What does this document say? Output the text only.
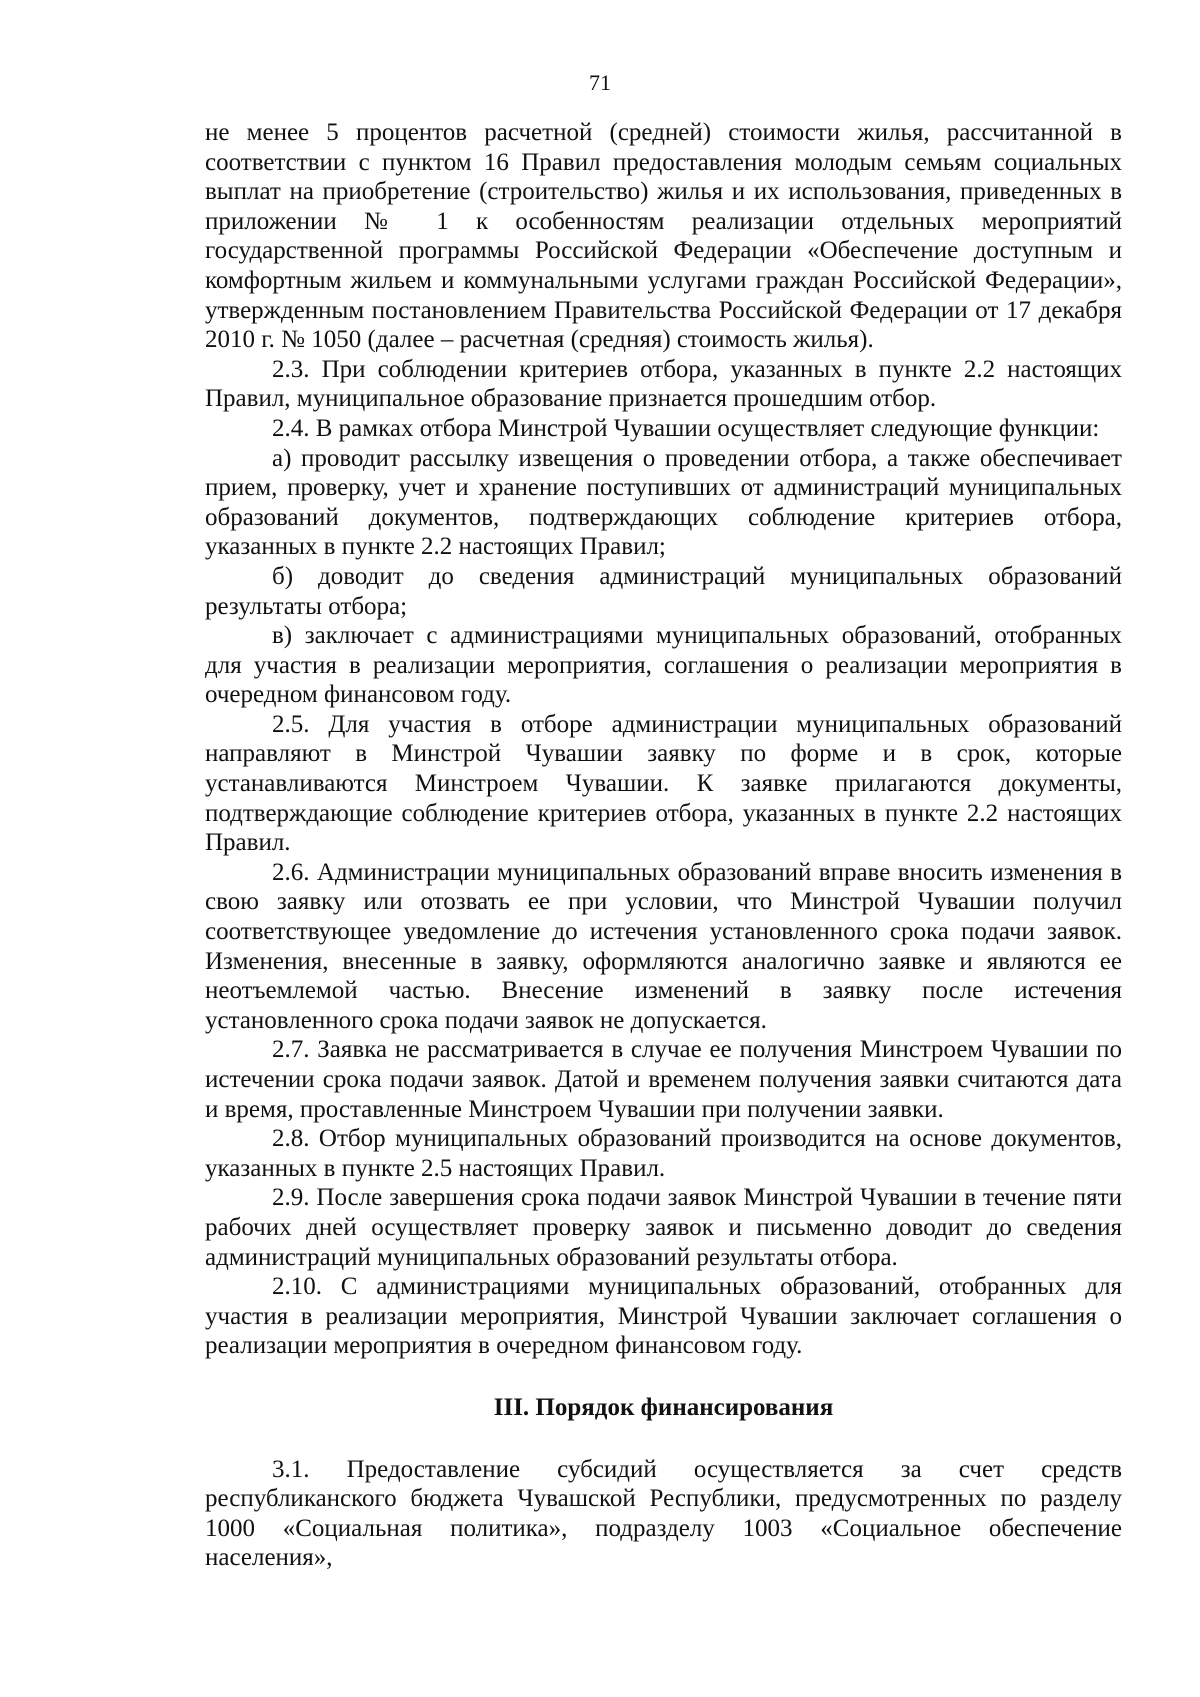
71

не менее 5 процентов расчетной (средней) стоимости жилья, рассчитанной в соответствии с пунктом 16 Правил предоставления молодым семьям социальных выплат на приобретение (строительство) жилья и их использования, приведенных в приложении № 1 к особенностям реализации отдельных мероприятий государственной программы Российской Федерации «Обеспечение доступным и комфортным жильем и коммунальными услугами граждан Российской Федерации», утвержденным постановлением Правительства Российской Федерации от 17 декабря 2010 г. № 1050 (далее – расчетная (средняя) стоимость жилья).

2.3. При соблюдении критериев отбора, указанных в пункте 2.2 настоящих Правил, муниципальное образование признается прошедшим отбор.

2.4. В рамках отбора Минстрой Чувашии осуществляет следующие функции:

а) проводит рассылку извещения о проведении отбора, а также обеспечивает прием, проверку, учет и хранение поступивших от администраций муниципальных образований документов, подтверждающих соблюдение критериев отбора, указанных в пункте 2.2 настоящих Правил;

б) доводит до сведения администраций муниципальных образований результаты отбора;

в) заключает с администрациями муниципальных образований, отобранных для участия в реализации мероприятия, соглашения о реализации мероприятия в очередном финансовом году.

2.5. Для участия в отборе администрации муниципальных образований направляют в Минстрой Чувашии заявку по форме и в срок, которые устанавливаются Минстроем Чувашии. К заявке прилагаются документы, подтверждающие соблюдение критериев отбора, указанных в пункте 2.2 настоящих Правил.

2.6. Администрации муниципальных образований вправе вносить изменения в свою заявку или отозвать ее при условии, что Минстрой Чувашии получил соответствующее уведомление до истечения установленного срока подачи заявок. Изменения, внесенные в заявку, оформляются аналогично заявке и являются ее неотъемлемой частью. Внесение изменений в заявку после истечения установленного срока подачи заявок не допускается.

2.7. Заявка не рассматривается в случае ее получения Минстроем Чувашии по истечении срока подачи заявок. Датой и временем получения заявки считаются дата и время, проставленные Минстроем Чувашии при получении заявки.

2.8. Отбор муниципальных образований производится на основе документов, указанных в пункте 2.5 настоящих Правил.

2.9. После завершения срока подачи заявок Минстрой Чувашии в течение пяти рабочих дней осуществляет проверку заявок и письменно доводит до сведения администраций муниципальных образований результаты отбора.

2.10. С администрациями муниципальных образований, отобранных для участия в реализации мероприятия, Минстрой Чувашии заключает соглашения о реализации мероприятия в очередном финансовом году.

III. Порядок финансирования

3.1. Предоставление субсидий осуществляется за счет средств республиканского бюджета Чувашской Республики, предусмотренных по разделу 1000 «Социальная политика», подразделу 1003 «Социальное обеспечение населения»,
